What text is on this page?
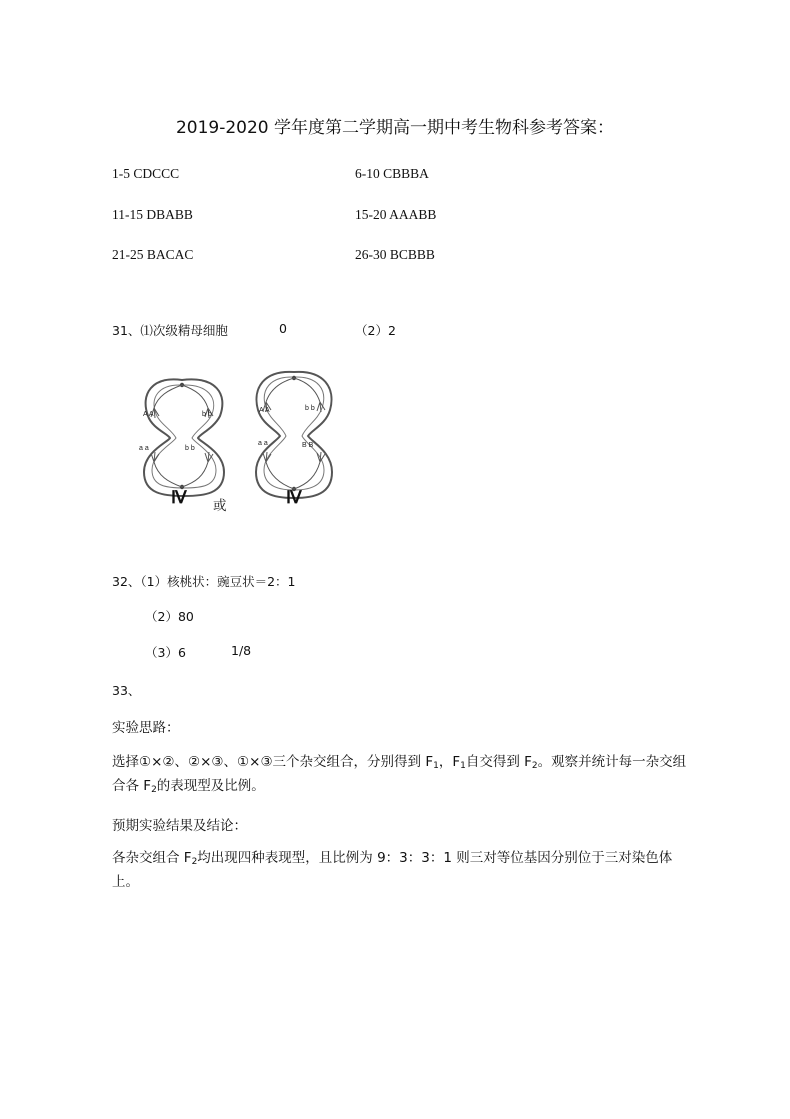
2019-2020 学年度第二学期高一期中考生物科参考答案：
1-5 CDCCC	6-10 CBBBA
11-15 DBABB	15-20 AAABB
21-25 BACAC	26-30 BCBBB
31、⑴次级精母细胞	0	（2）2
A A	b b
a a	b b
Ⅳ 或
A A	b b
a a	B B
Ⅳ
32、（1）核桃状：豌豆状＝2：1
（2）80
（3）6	1/8
33、
实验思路：
选择①×②、②×③、①×③三个杂交组合，分别得到 $F_1$，$F_1$自交得到 $F_2$。观察并统计每一杂交组合各 $F_2$的表现型及比例。
预期实验结果及结论：
各杂交组合 $F_2$均出现四种表现型，且比例为 9：3：3：1 则三对等位基因分别位于三对染色体上。
